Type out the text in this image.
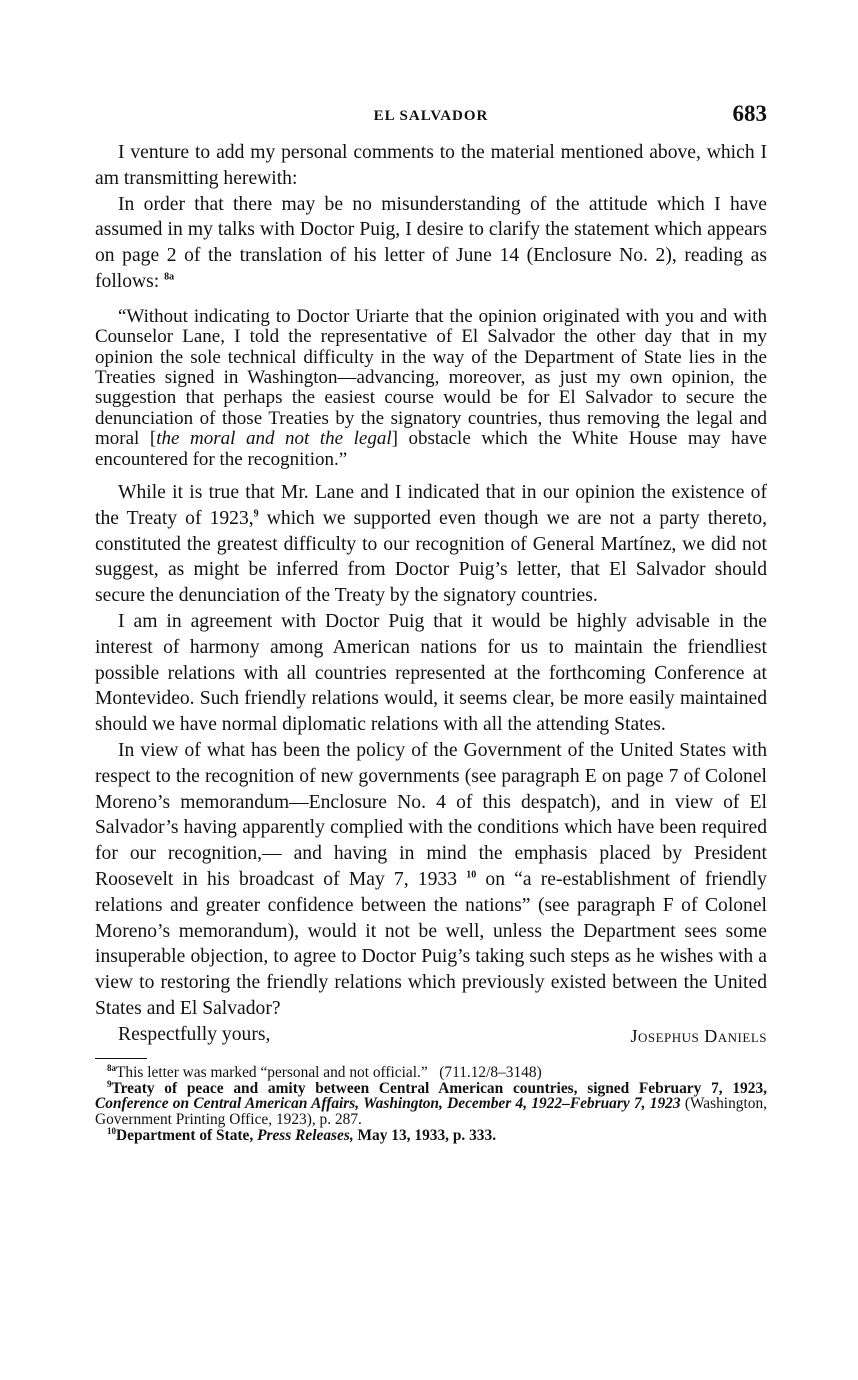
EL SALVADOR	683

I venture to add my personal comments to the material mentioned above, which I am transmitting herewith:

In order that there may be no misunderstanding of the attitude which I have assumed in my talks with Doctor Puig, I desire to clarify the statement which appears on page 2 of the translation of his letter of June 14 (Enclosure No. 2), reading as follows: $^{8a}$

“Without indicating to Doctor Uriarte that the opinion originated with you and with Counselor Lane, I told the representative of El Salvador the other day that in my opinion the sole technical difficulty in the way of the Department of State lies in the Treaties signed in Washington—advancing, moreover, as just my own opinion, the suggestion that perhaps the easiest course would be for El Salvador to secure the denunciation of those Treaties by the signatory countries, thus removing the legal and moral [the moral and not the legal] obstacle which the White House may have encountered for the recognition.”

While it is true that Mr. Lane and I indicated that in our opinion the existence of the Treaty of 1923,$^9$ which we supported even though we are not a party thereto, constituted the greatest difficulty to our recognition of General Martínez, we did not suggest, as might be inferred from Doctor Puig’s letter, that El Salvador should secure the denunciation of the Treaty by the signatory countries.

I am in agreement with Doctor Puig that it would be highly advisable in the interest of harmony among American nations for us to maintain the friendliest possible relations with all countries represented at the forthcoming Conference at Montevideo. Such friendly relations would, it seems clear, be more easily maintained should we have normal diplomatic relations with all the attending States.

In view of what has been the policy of the Government of the United States with respect to the recognition of new governments (see paragraph E on page 7 of Colonel Moreno’s memorandum—Enclosure No. 4 of this despatch), and in view of El Salvador’s having apparently complied with the conditions which have been required for our recognition,— and having in mind the emphasis placed by President Roosevelt in his broadcast of May 7, 1933 $^{10}$ on “a re-establishment of friendly relations and greater confidence between the nations” (see paragraph F of Colonel Moreno’s memorandum), would it not be well, unless the Department sees some insuperable objection, to agree to Doctor Puig’s taking such steps as he wishes with a view to restoring the friendly relations which previously existed between the United States and El Salvador?

Respectfully yours,	Josephus Daniels

$^{8a}$This letter was marked “personal and not official.” (711.12/8–3148)

$^9$Treaty of peace and amity between Central American countries, signed February 7, 1923, Conference on Central American Affairs, Washington, December 4, 1922–February 7, 1923 (Washington, Government Printing Office, 1923), p. 287.

$^{10}$Department of State, Press Releases, May 13, 1933, p. 333.
